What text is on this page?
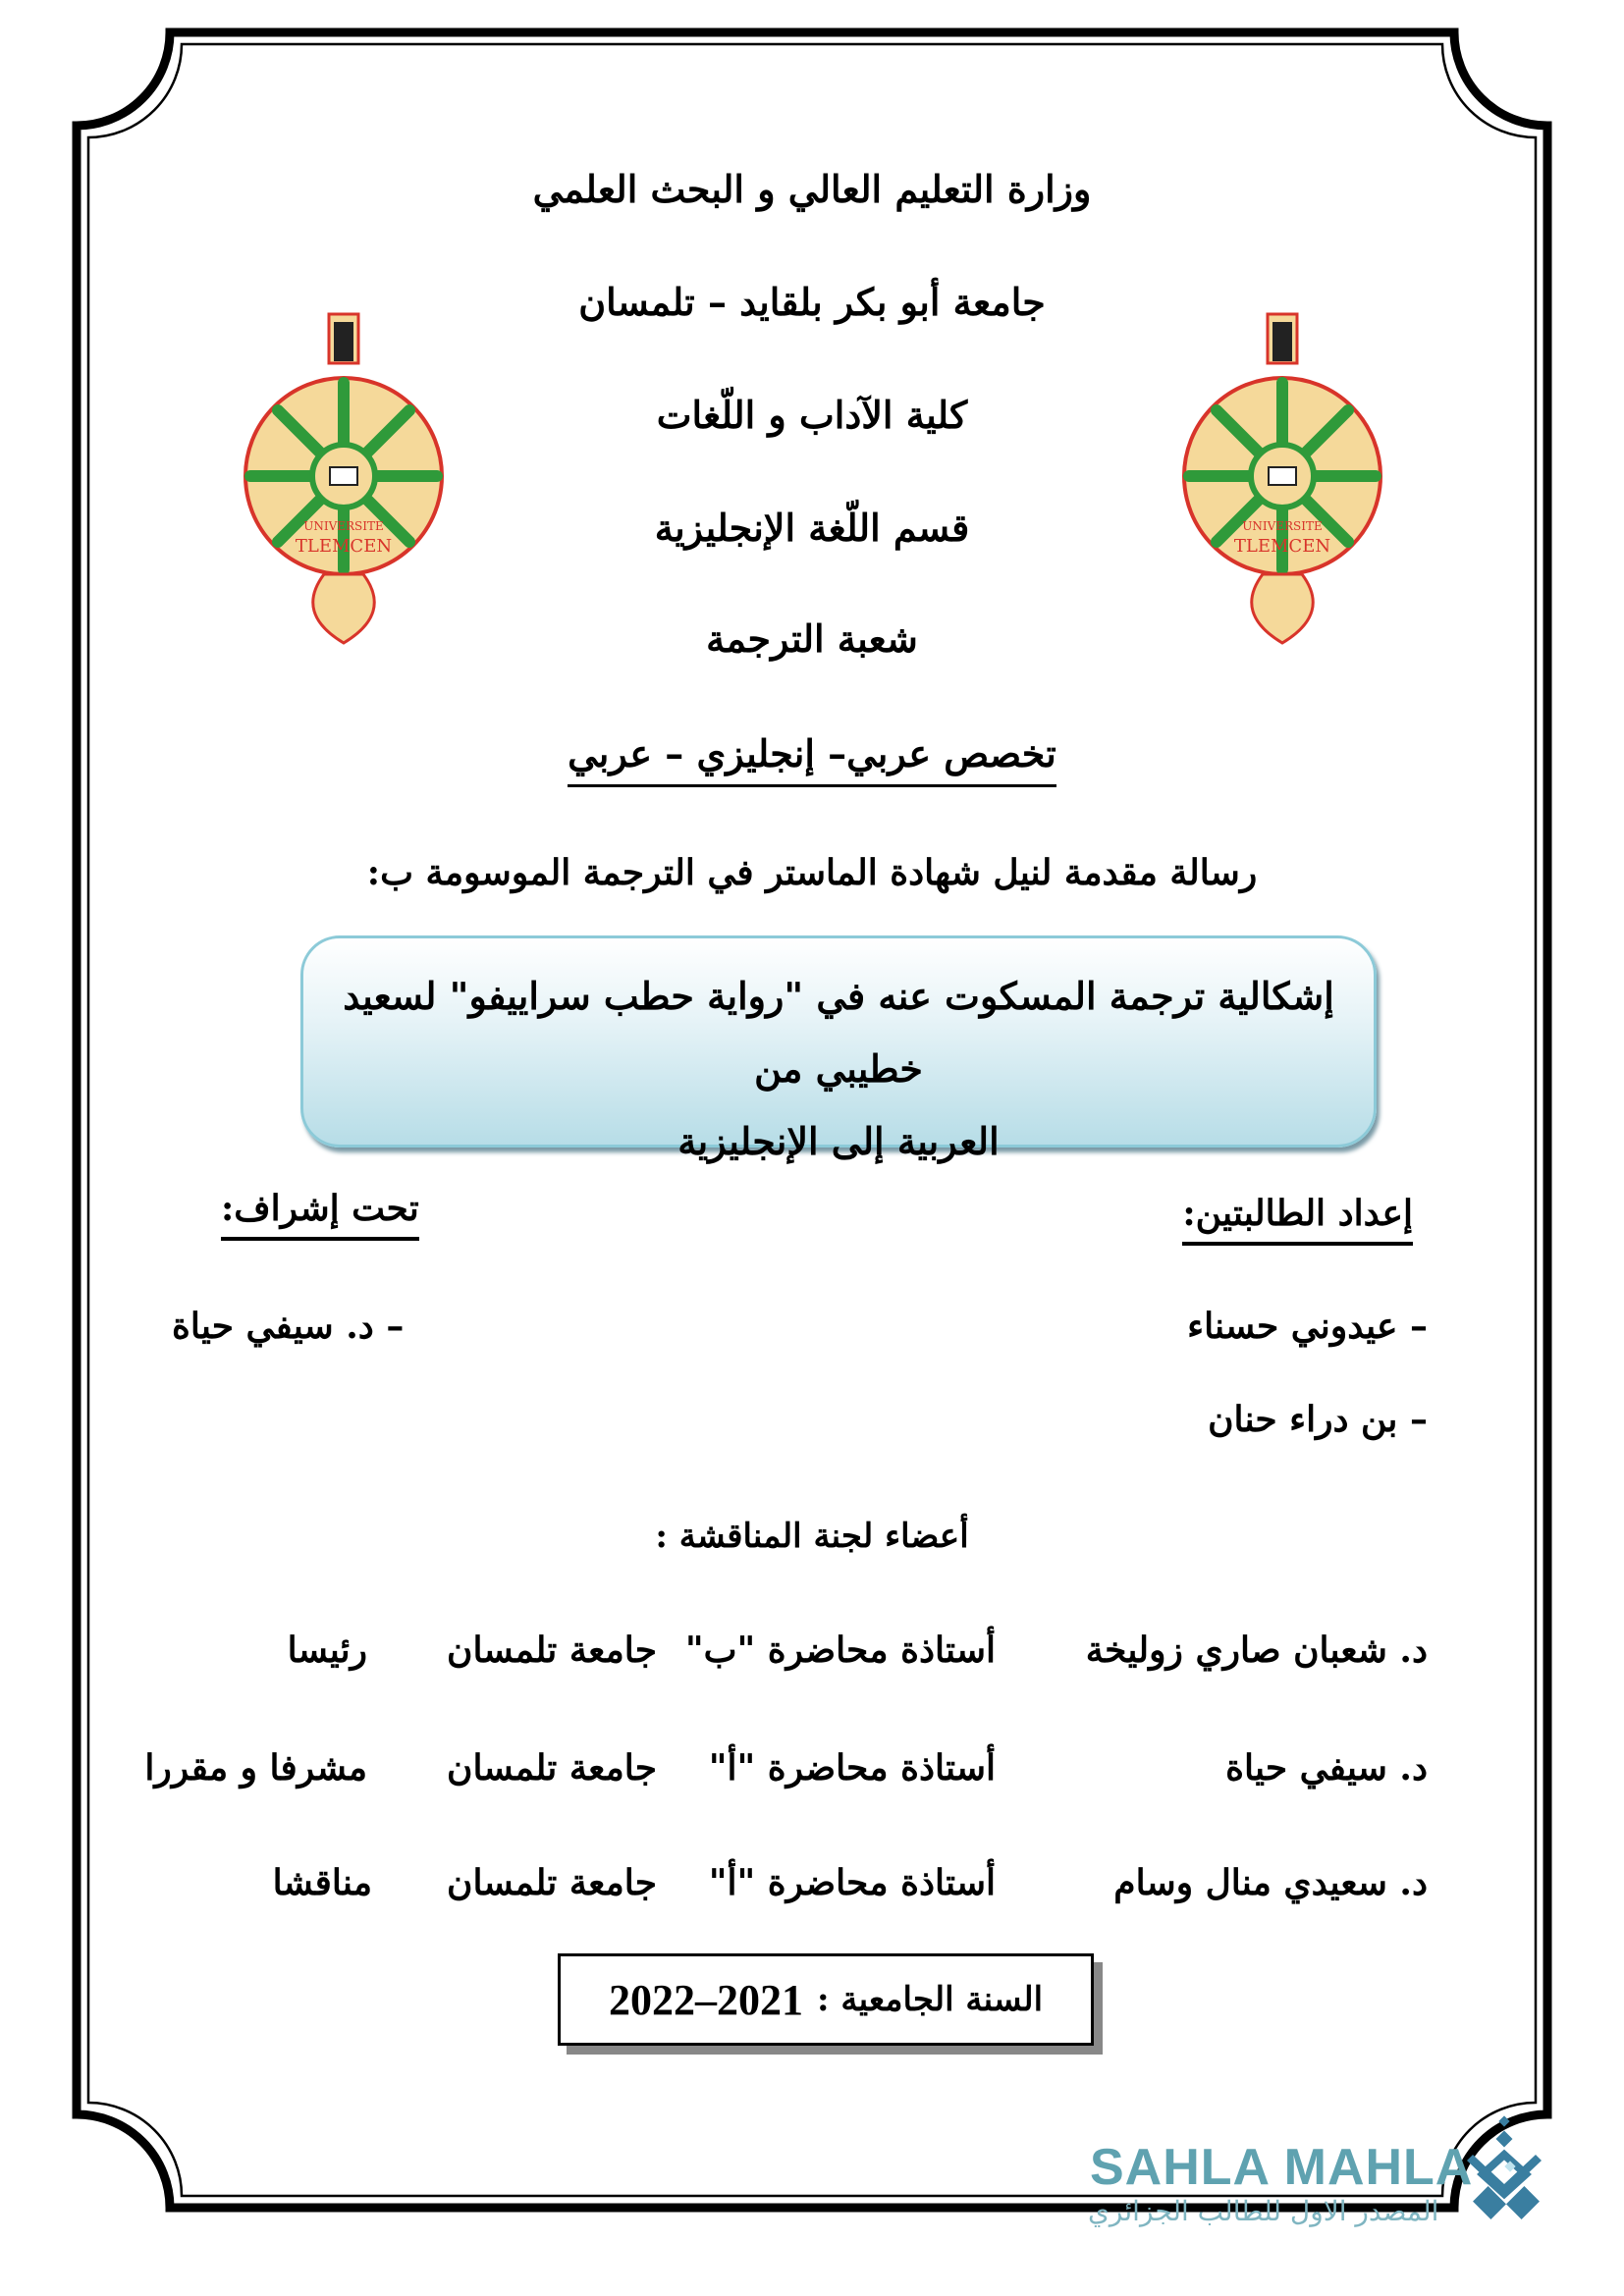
وزارة التعليم العالي و البحث العلمي
جامعة أبو بكر بلقايد – تلمسان
كلية الآداب و اللّغات
قسم اللّغة الإنجليزية
شعبة الترجمة
تخصص عربي– إنجليزي – عربي
UNIVERSITE
TLEMCEN
UNIVERSITE
TLEMCEN
رسالة مقدمة لنيل شهادة الماستر في الترجمة الموسومة ب:
إشكالية ترجمة المسكوت عنه في "رواية حطب سراييفو" لسعيد خطيبي من
العربية إلى الإنجليزية
إعداد الطالبتين:
تحت إشراف:
– عيدوني حسناء
– بن دراء حنان
– د. سيفي حياة
أعضاء لجنة المناقشة :
د. شعبان صاري زوليخة
أستاذة محاضرة "ب"
جامعة تلمسان
رئيسا
د. سيفي حياة
أستاذة محاضرة "أ"
جامعة تلمسان
مشرفا و مقررا
د. سعيدي منال وسام
أستاذة محاضرة "أ"
جامعة تلمسان
مناقشا
السنة الجامعية :
2022–2021
SAHLA MAHLA
المصدر الاول للطالب الجزائري
